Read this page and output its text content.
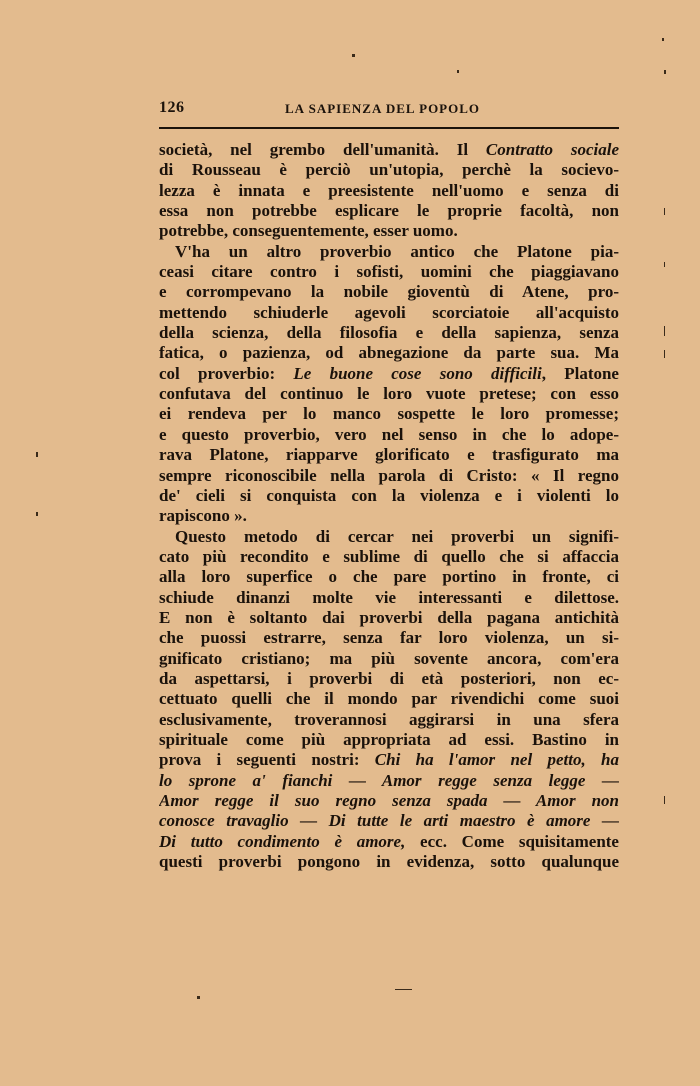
126	LA SAPIENZA DEL POPOLO
società, nel grembo dell'umanità. Il Contratto sociale
di Rousseau è perciò un'utopia, perchè la socievo-
lezza è innata e preesistente nell'uomo e senza di
essa non potrebbe esplicare le proprie facoltà, non
potrebbe, conseguentemente, esser uomo.
V'ha un altro proverbio antico che Platone pia-
ceasi citare contro i sofisti, uomini che piaggiavano
e corrompevano la nobile gioventù di Atene, pro-
mettendo schiuderle agevoli scorciatoie all'acquisto
della scienza, della filosofia e della sapienza, senza
fatica, o pazienza, od abnegazione da parte sua. Ma
col proverbio: Le buone cose sono difficili, Platone
confutava del continuo le loro vuote pretese; con esso
ei rendeva per lo manco sospette le loro promesse;
e questo proverbio, vero nel senso in che lo adope-
rava Platone, riapparve glorificato e trasfigurato ma
sempre riconoscibile nella parola di Cristo: « Il regno
de' cieli si conquista con la violenza e i violenti lo
rapiscono ».
Questo metodo di cercar nei proverbi un signifi-
cato più recondito e sublime di quello che si affaccia
alla loro superfice o che pare portino in fronte, ci
schiude dinanzi molte vie interessanti e dilettose.
E non è soltanto dai proverbi della pagana antichità
che puossi estrarre, senza far loro violenza, un si-
gnificato cristiano; ma più sovente ancora, com'era
da aspettarsi, i proverbi di età posteriori, non ec-
cettuato quelli che il mondo par rivendichi come suoi
esclusivamente, troverannosi aggirarsi in una sfera
spirituale come più appropriata ad essi. Bastino in
prova i seguenti nostri: Chi ha l'amor nel petto, ha
lo sprone a' fianchi — Amor regge senza legge —
Amor regge il suo regno senza spada — Amor non
conosce travaglio — Di tutte le arti maestro è amore —
Di tutto condimento è amore, ecc. Come squisitamente
questi proverbi pongono in evidenza, sotto qualunque
